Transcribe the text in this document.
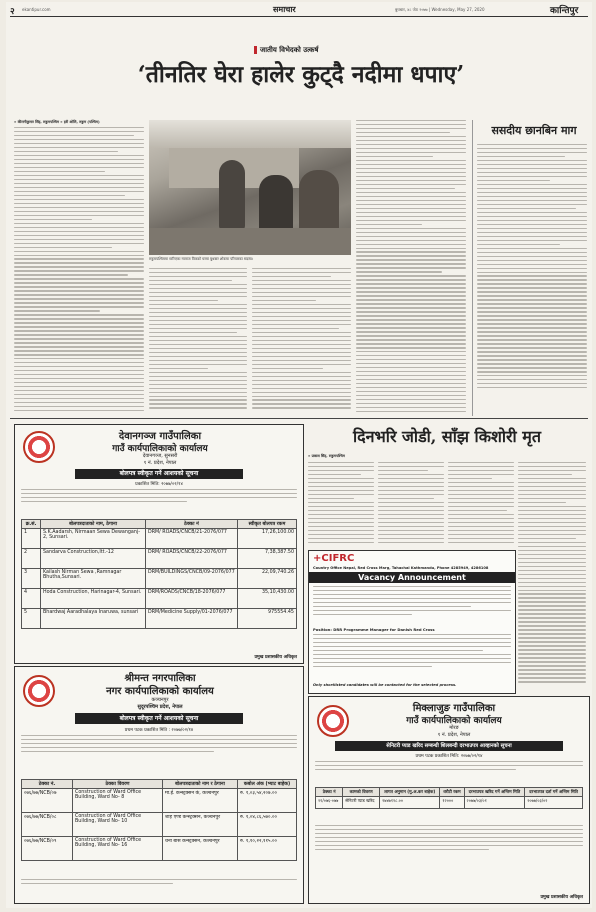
२ ekantipur.com	समाचार	बुधबार, ४८ जेठ २०७७ | Wednesday, May 27, 2020	कान्तिपुर
जातीय विभेदको उत्कर्ष
‘तीनतिर घेरा हालेर कुट्दै नदीमा धपाए’
» कीरानीकुमार सिंह, रुकुमपश्चिम » हरी ओलि, रुकुम (पश्चिम)
रुकुमपश्चिममा मारिएका नवराज विकको घरमा बुधबार शोकमा परिवारका सदस्य।
ससदीय छानबिन माग
देवानगञ्ज गाउँपालिका
गाउँ कार्यपालिकाको कार्यालय
देवानगञ्ज, सुनसरी
१ नं. प्रदेश, नेपाल
बोलपत्र स्वीकृत गर्ने आशयको सूचना
प्रकाशित मिति: २०७७/०२/१४
क्र.सं.	बोलपत्रदाताको नाम, ठेगाना	ठेक्का नं	स्वीकृत बोलपत्र रकम
1	S.K.Aadarsh, Nirmaan Sewa Dewanganj-2, Sunsari.	DRM/ ROADS/CNCB/21-2076/077	17,26,100.00
2	Sandarva Construction,Itt.-12	DRM/ ROADS/CNCB/22-2076/077	7,38,387.50
3	Kailash Nirman Sewa ,Ramnagar Bhutha,Sunsari.	DRM/BUILDINGS/CNCB/09-2076/077	22,09,740.26
4	Hoda Construction, Harinagar-4, Sunsari.	DRM/ROADS/CNCB/18-2076/077	35,10,430.00
5	Bhardwaj Aaradhalaya Inaruwa, sunsari	DRM/Medicine Supply/01-2076/077	975554.45
प्रमुख प्रशासकीय अधिकृत
दिनभरि जोडी, साँझ किशोरी मृत
» प्रकाश सिंह, रुकुमपश्चिम
+CIFRC
Country Office Nepal, Red Cross Marg, Tahachal Kathmandu, Phone 4285949, 4286108
Vacancy Announcement
Position: DRR Programme Manager for Danish Red Cross
Only shortlisted candidates will be contacted for the selected process.
श्रीमन्त नगरपालिका
नगर कार्यपालिकाको कार्यालय
कञ्चनपुर
सुदूरपश्चिम प्रदेश, नेपाल
बोलपत्र स्वीकृत गर्ने आशयको सूचना
प्रथम पटक प्रकाशित मिति : २०७७/०२/१४
ठेक्का नं.	ठेक्का विवरण	बोलपत्रदाताको नाम र ठेगाना	कबोल अंक (भ्याट बाहेक)
०७६/७७/NCB/०७	Construction of Ward Office Building, Ward No- 8	मा.ई. कन्स्ट्रक्सन कं, कञ्चनपुर	रु. १,०३,५४,२०७.००
०७६/७७/NCB/०८	Construction of Ward Office Building, Ward No- 10	शाह एण्ड कन्स्ट्रक्सन, कञ्चनपुर	रु. १,०४,८६,५७०.००
०७६/७७/NCB/०९	Construction of Ward Office Building, Ward No- 16	धना बास कन्स्ट्रक्सन, कञ्चनपुर	रु. १,१०,२२,११५.००
मिक्लाजुङ गाउँपालिका
गाउँ कार्यपालिकाको कार्यालय
मोरङ
१ नं. प्रदेश, नेपाल
सेनिटरी प्याड खरिद सम्बन्धी शिलबन्दी दरभाउपत्र आव्हानको सूचना
प्रथम पटक प्रकाशित मिति: २०७७/०२/१४
ठेक्का नं	कामको विवरण	लागत अनुमान (मु.अ.कर बाहेक)	धरौटी रकम	दरभाउपत्र खरिद गर्ने अन्तिम मिति	दरभाउपत्र दर्ता गर्ने अन्तिम मिति
२१/०७६-०७७	सेनिटरी प्याड खरिद	२७४७१२८.००	१२०००	२०७७/०३/०१	२०७७/०३/०२
प्रमुख प्रशासकीय अधिकृत
